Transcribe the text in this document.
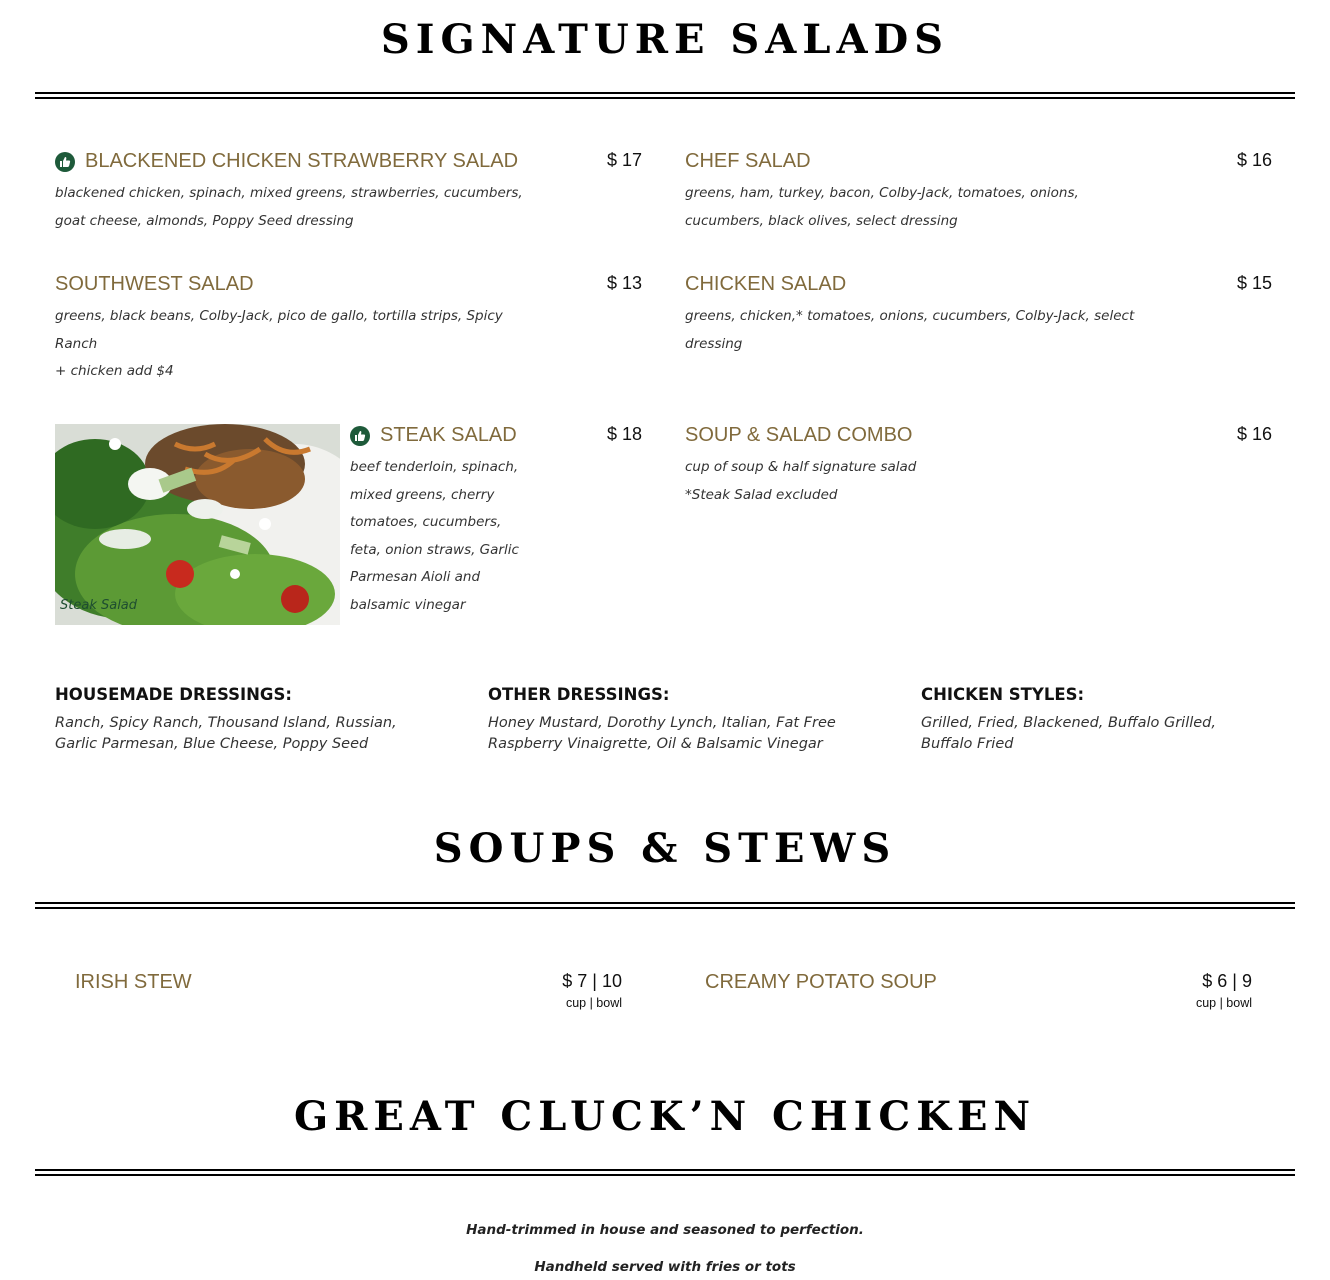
SIGNATURE SALADS
BLACKENED CHICKEN STRAWBERRY SALAD	$ 17
blackened chicken, spinach, mixed greens, strawberries, cucumbers,
goat cheese, almonds, Poppy Seed dressing
CHEF SALAD	$ 16
greens, ham, turkey, bacon, Colby-Jack, tomatoes, onions,
cucumbers, black olives, select dressing
SOUTHWEST SALAD	$ 13
greens, black beans, Colby-Jack, pico de gallo, tortilla strips, Spicy
Ranch
+ chicken add $4
CHICKEN SALAD	$ 15
greens, chicken,* tomatoes, onions, cucumbers, Colby-Jack, select
dressing
Steak Salad
STEAK SALAD	$ 18
beef tenderloin, spinach,
mixed greens, cherry
tomatoes, cucumbers,
feta, onion straws, Garlic
Parmesan Aioli and
balsamic vinegar
SOUP & SALAD COMBO	$ 16
cup of soup & half signature salad
*Steak Salad excluded
HOUSEMADE DRESSINGS:
Ranch, Spicy Ranch, Thousand Island, Russian,
Garlic Parmesan, Blue Cheese, Poppy Seed
OTHER DRESSINGS:
Honey Mustard, Dorothy Lynch, Italian, Fat Free
Raspberry Vinaigrette, Oil & Balsamic Vinegar
CHICKEN STYLES:
Grilled, Fried, Blackened, Buffalo Grilled,
Buffalo Fried
SOUPS & STEWS
IRISH STEW	$ 7 | 10
cup | bowl
CREAMY POTATO SOUP	$ 6 | 9
cup | bowl
GREAT CLUCK’N CHICKEN
Hand-trimmed in house and seasoned to perfection.
Handheld served with fries or tots
